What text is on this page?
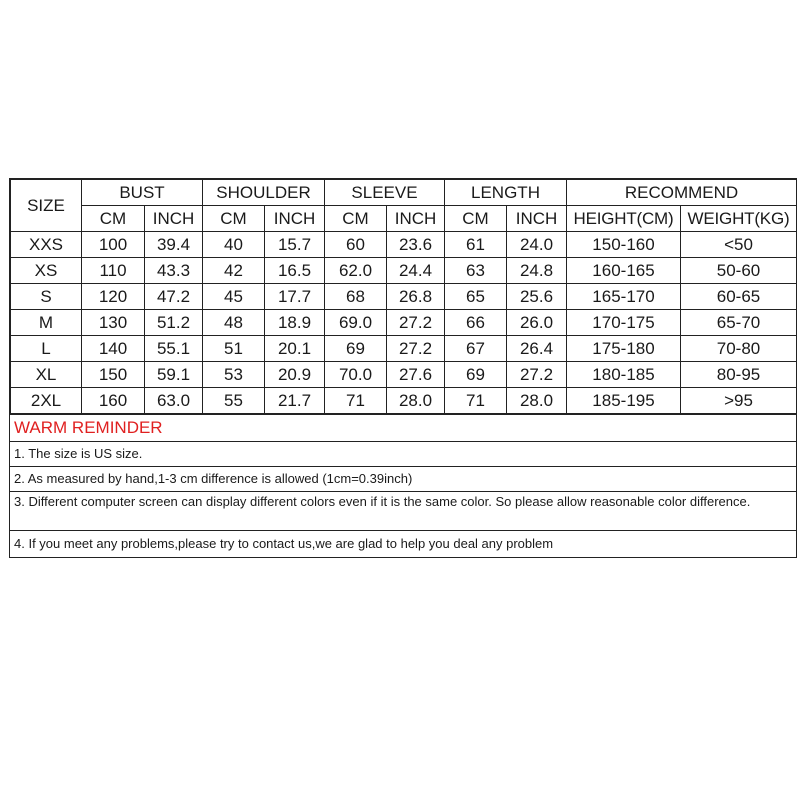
SIZE	BUST		SHOULDER		SLEEVE		LENGTH		RECOMMEND	
	CM	INCH	CM	INCH	CM	INCH	CM	INCH	HEIGHT(CM)	WEIGHT(KG)
XXS	100	39.4	40	15.7	60	23.6	61	24.0	150-160	<50
XS	110	43.3	42	16.5	62.0	24.4	63	24.8	160-165	50-60
S	120	47.2	45	17.7	68	26.8	65	25.6	165-170	60-65
M	130	51.2	48	18.9	69.0	27.2	66	26.0	170-175	65-70
L	140	55.1	51	20.1	69	27.2	67	26.4	175-180	70-80
XL	150	59.1	53	20.9	70.0	27.6	69	27.2	180-185	80-95
2XL	160	63.0	55	21.7	71	28.0	71	28.0	185-195	>95
WARM REMINDER
1. The size is US size.
2. As measured by hand,1-3 cm difference is allowed (1cm=0.39inch)
3. Different computer screen can display different colors even if it is the same color. So please allow reasonable color difference.
4. If you meet any problems,please try to contact us,we are glad to help you deal any problem
